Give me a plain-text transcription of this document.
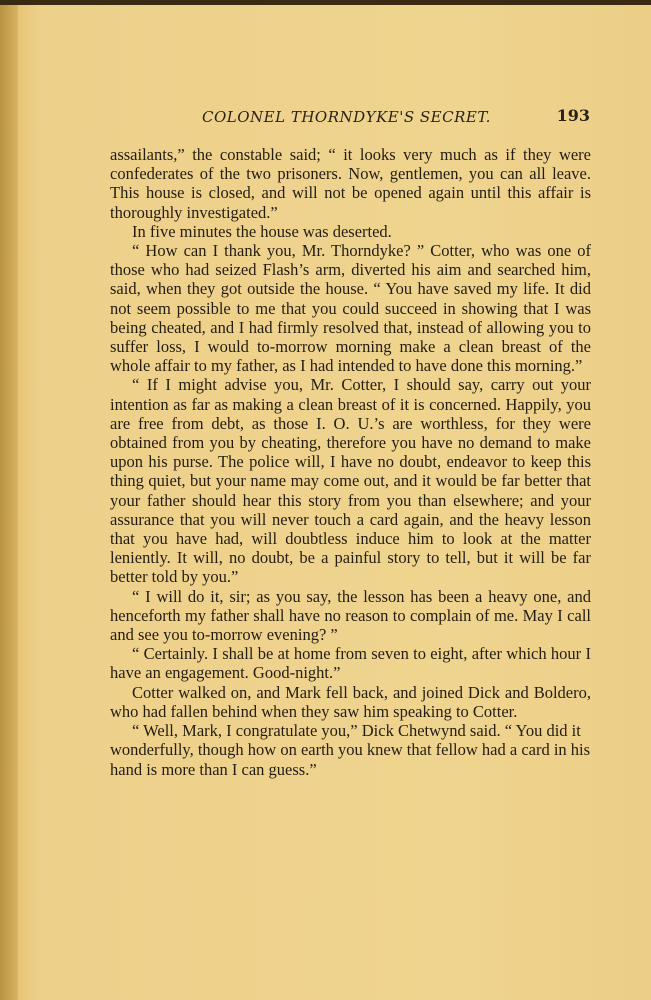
COLONEL THORNDYKE'S SECRET.	193

assailants,” the constable said; “ it looks very much as if they were confederates of the two prisoners. Now, gentlemen, you can all leave. This house is closed, and will not be opened again until this affair is thoroughly investigated.”

In five minutes the house was deserted.

“ How can I thank you, Mr. Thorndyke? ” Cotter, who was one of those who had seized Flash’s arm, diverted his aim and searched him, said, when they got outside the house. “ You have saved my life. It did not seem possible to me that you could succeed in showing that I was being cheated, and I had firmly resolved that, instead of allowing you to suffer loss, I would to-morrow morning make a clean breast of the whole affair to my father, as I had intended to have done this morning.”

“ If I might advise you, Mr. Cotter, I should say, carry out your intention as far as making a clean breast of it is concerned. Happily, you are free from debt, as those I. O. U.’s are worthless, for they were obtained from you by cheating, therefore you have no demand to make upon his purse. The police will, I have no doubt, endeavor to keep this thing quiet, but your name may come out, and it would be far better that your father should hear this story from you than elsewhere; and your assurance that you will never touch a card again, and the heavy lesson that you have had, will doubtless induce him to look at the matter leniently. It will, no doubt, be a painful story to tell, but it will be far better told by you.”

“ I will do it, sir; as you say, the lesson has been a heavy one, and henceforth my father shall have no reason to complain of me. May I call and see you to-morrow evening? ”

“ Certainly. I shall be at home from seven to eight, after which hour I have an engagement. Good-night.”

Cotter walked on, and Mark fell back, and joined Dick and Boldero, who had fallen behind when they saw him speaking to Cotter.

“ Well, Mark, I congratulate you,” Dick Chetwynd said. “ You did it wonderfully, though how on earth you knew that fellow had a card in his hand is more than I can guess.”
